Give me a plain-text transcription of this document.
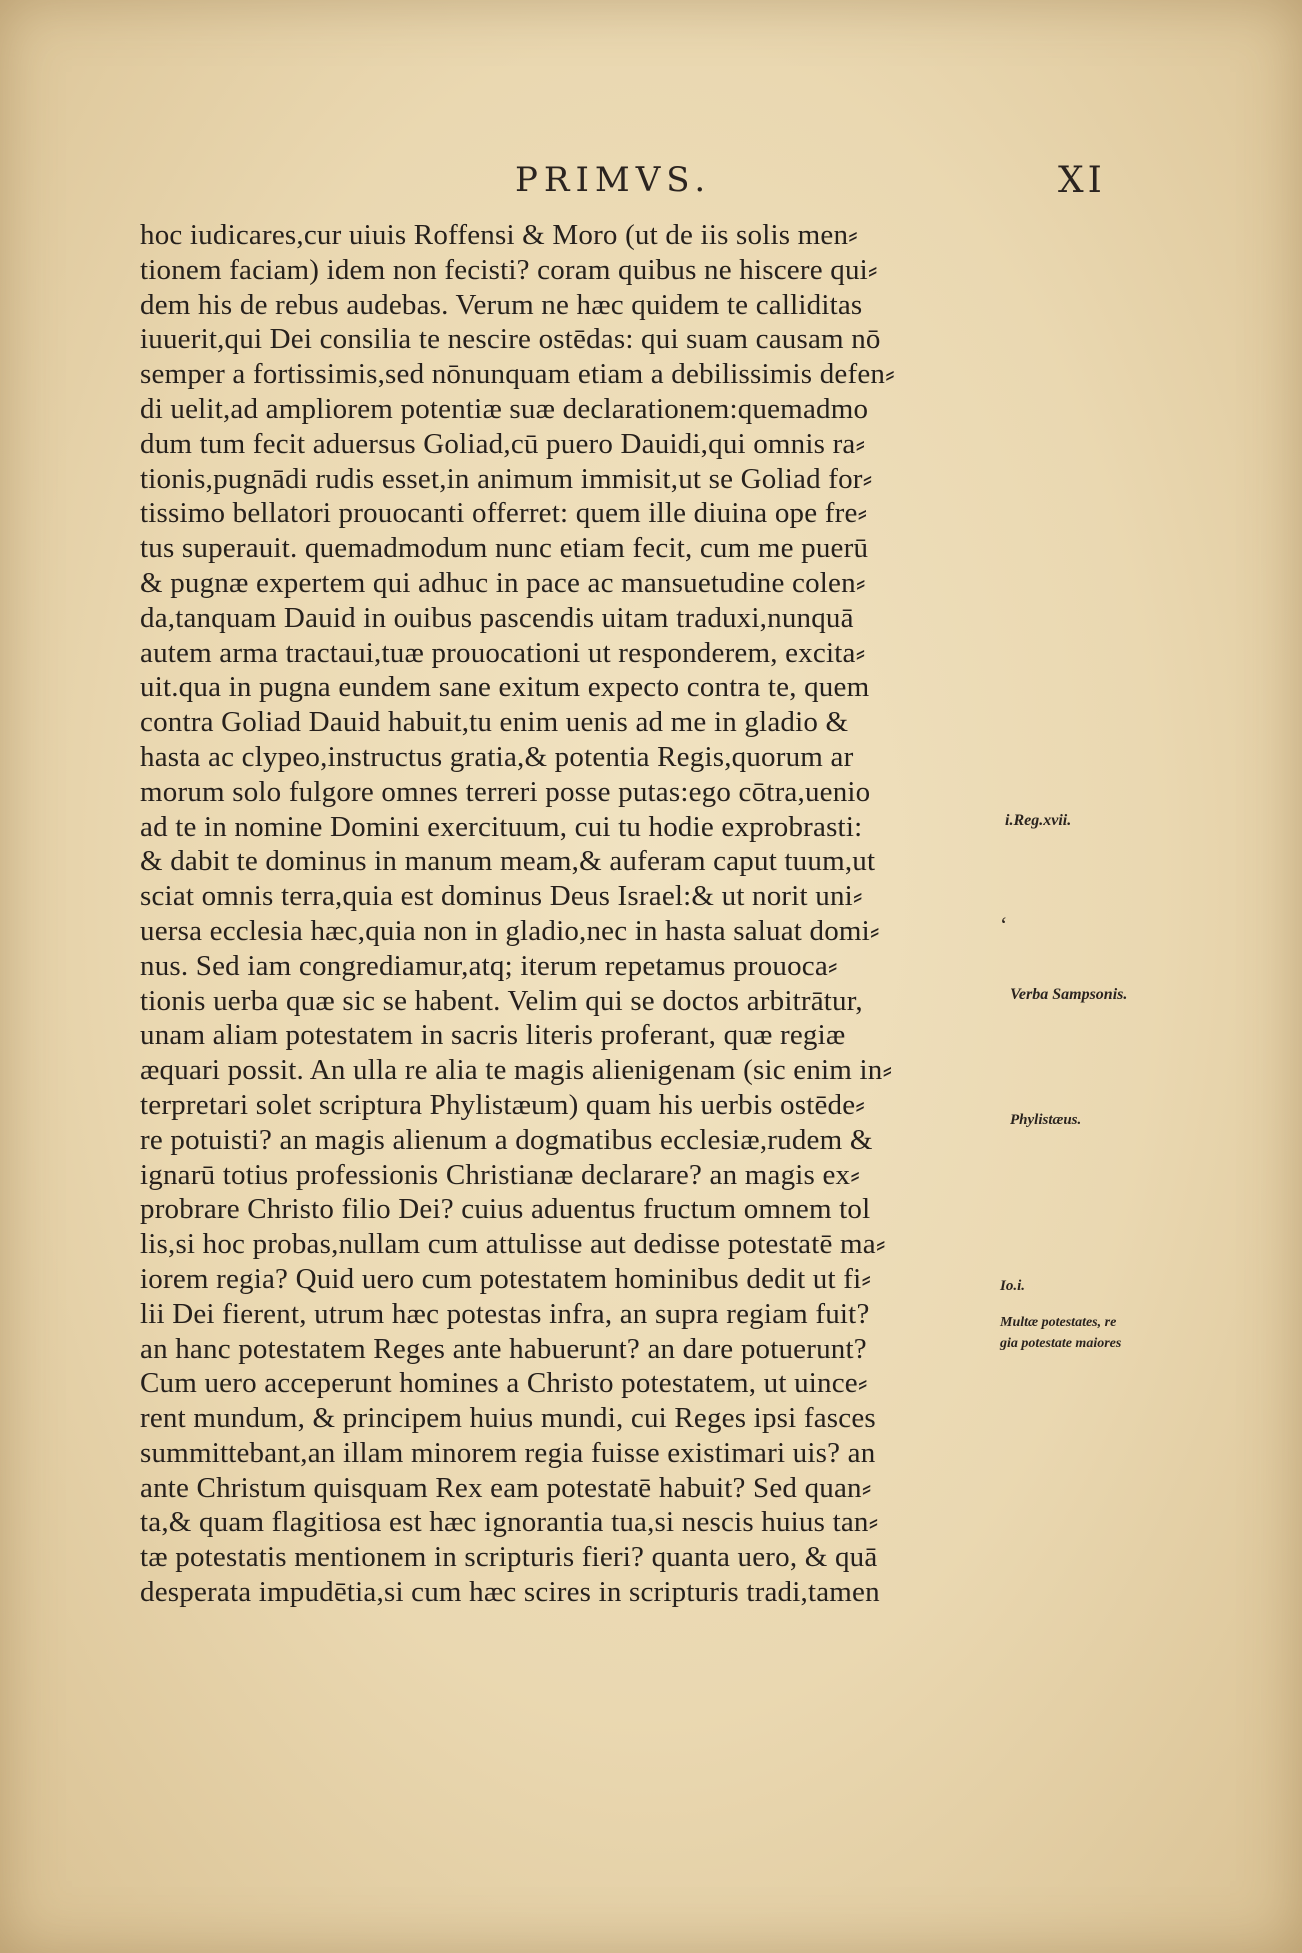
PRIMVS.	XI
hoc iudicares,cur uiuis Roffensi & Moro (ut de iis solis men⸗
tionem faciam) idem non fecisti? coram quibus ne hiscere qui⸗
dem his de rebus audebas. Verum ne hæc quidem te calliditas
iuuerit,qui Dei consilia te nescire ostēdas: qui suam causam nō
semper a fortissimis,sed nōnunquam etiam a debilissimis defen⸗
di uelit,ad ampliorem potentiæ suæ declarationem:quemadmo
dum tum fecit aduersus Goliad,cū puero Dauidi,qui omnis ra⸗
tionis,pugnādi rudis esset,in animum immisit,ut se Goliad for⸗
tissimo bellatori prouocanti offerret: quem ille diuina ope fre⸗
tus superauit. quemadmodum nunc etiam fecit, cum me puerū
& pugnæ expertem qui adhuc in pace ac mansuetudine colen⸗
da,tanquam Dauid in ouibus pascendis uitam traduxi,nunquā
autem arma tractaui,tuæ prouocationi ut responderem, excita⸗
uit.qua in pugna eundem sane exitum expecto contra te, quem
contra Goliad Dauid habuit,tu enim uenis ad me in gladio &
hasta ac clypeo,instructus gratia,& potentia Regis,quorum ar
morum solo fulgore omnes terreri posse putas:ego cōtra,uenio
ad te in nomine Domini exercituum, cui tu hodie exprobrasti:
& dabit te dominus in manum meam,& auferam caput tuum,ut
sciat omnis terra,quia est dominus Deus Israel:& ut norit uni⸗
uersa ecclesia hæc,quia non in gladio,nec in hasta saluat domi⸗
nus. Sed iam congrediamur,atq; iterum repetamus prouoca⸗
tionis uerba quæ sic se habent. Velim qui se doctos arbitrātur,
unam aliam potestatem in sacris literis proferant, quæ regiæ
æquari possit. An ulla re alia te magis alienigenam (sic enim in⸗
terpretari solet scriptura Phylistæum) quam his uerbis ostēde⸗
re potuisti? an magis alienum a dogmatibus ecclesiæ,rudem &
ignarū totius professionis Christianæ declarare? an magis ex⸗
probrare Christo filio Dei? cuius aduentus fructum omnem tol
lis,si hoc probas,nullam cum attulisse aut dedisse potestatē ma⸗
iorem regia? Quid uero cum potestatem hominibus dedit ut fi⸗
lii Dei fierent, utrum hæc potestas infra, an supra regiam fuit?
an hanc potestatem Reges ante habuerunt? an dare potuerunt?
Cum uero acceperunt homines a Christo potestatem, ut uince⸗
rent mundum, & principem huius mundi, cui Reges ipsi fasces
summittebant,an illam minorem regia fuisse existimari uis? an
ante Christum quisquam Rex eam potestatē habuit? Sed quan⸗
ta,& quam flagitiosa est hæc ignorantia tua,si nescis huius tan⸗
tæ potestatis mentionem in scripturis fieri? quanta uero, & quā
desperata impudētia,si cum hæc scires in scripturis tradi,tamen
i.Reg.xvii.
ʻ
Verba Sampsonis.
Phylistæus.
Io.i.
Multæ potestates, re
gia potestate maiores
